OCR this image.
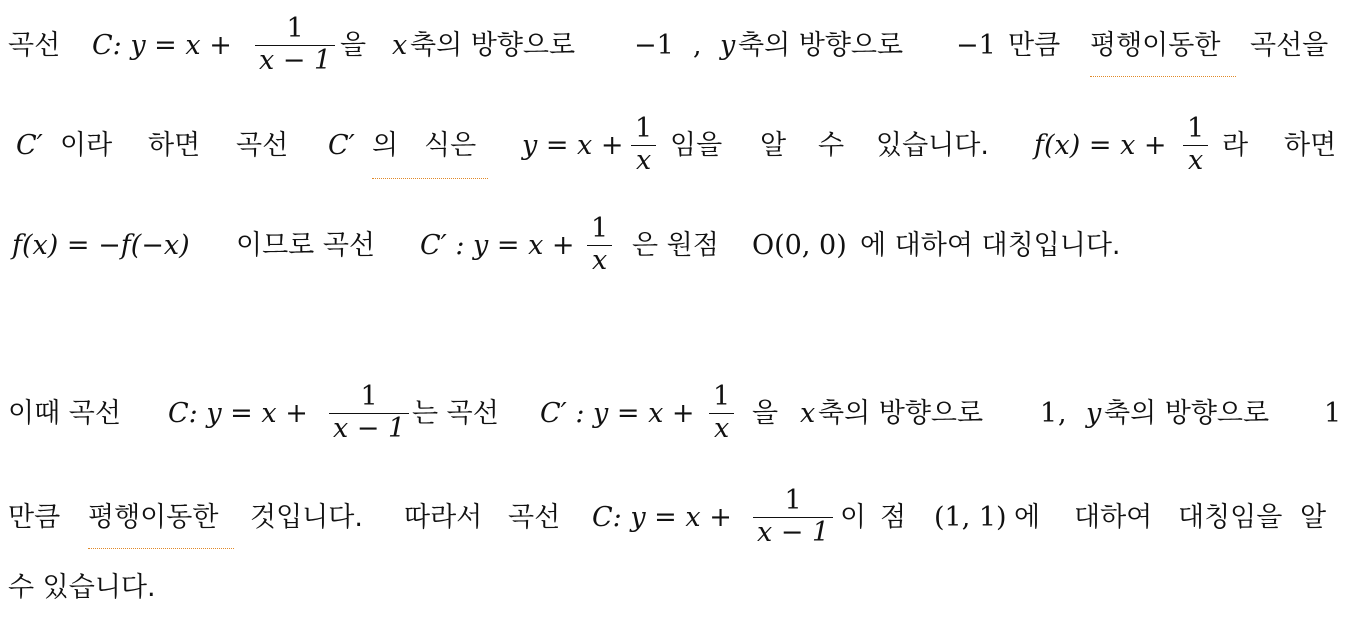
곡선 C: $y = x + \frac{1}{x - 1}$ 을 x 축의 방향으로 −1 , y 축의 방향으로 −1 만큼 평행이동한 곡선을
C′ 이라 하면 곡선 C′ 의 식은 $y = x + \frac{1}{x}$ 임을 알 수 있습니다. $f(x) = x + \frac{1}{x}$ 라 하면
f(x) = −f(−x) 이므로 곡선 C′ : $y = x + \frac{1}{x}$ 은 원점 O(0, 0) 에 대하여 대칭입니다.
이때 곡선 C: $y = x + \frac{1}{x - 1}$ 는 곡선 C′ : $y = x + \frac{1}{x}$ 을 x 축의 방향으로 1 , y 축의 방향으로 1
만큼 평행이동한 것입니다. 따라서 곡선 C: $y = x + \frac{1}{x - 1}$ 이 점 (1, 1) 에 대하여 대칭임을 알
수 있습니다.
